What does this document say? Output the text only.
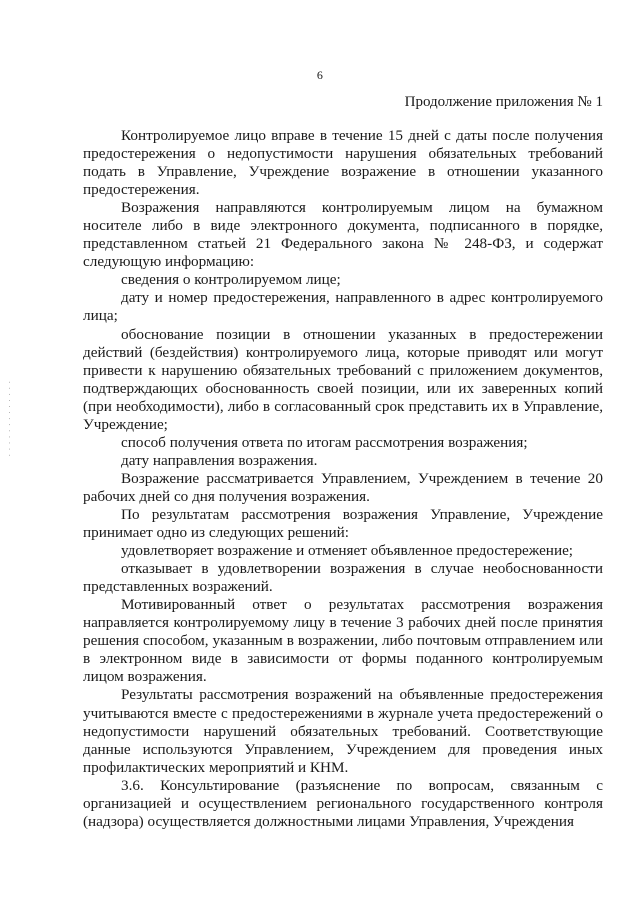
6
Продолжение приложения № 1
· · · · · · · · · · · · ·

Контролируемое лицо вправе в течение 15 дней с даты после получения предостережения о недопустимости нарушения обязательных требований подать в Управление, Учреждение возражение в отношении указанного предостережения.

Возражения направляются контролируемым лицом на бумажном носителе либо в виде электронного документа, подписанного в порядке, представленном статьей 21 Федерального закона № 248-ФЗ, и содержат следующую информацию:

сведения о контролируемом лице;

дату и номер предостережения, направленного в адрес контролируемого лица;

обоснование позиции в отношении указанных в предостережении действий (бездействия) контролируемого лица, которые приводят или могут привести к нарушению обязательных требований с приложением документов, подтверждающих обоснованность своей позиции, или их заверенных копий (при необходимости), либо в согласованный срок представить их в Управление, Учреждение;

способ получения ответа по итогам рассмотрения возражения;

дату направления возражения.

Возражение рассматривается Управлением, Учреждением в течение 20 рабочих дней со дня получения возражения.

По результатам рассмотрения возражения Управление, Учреждение принимает одно из следующих решений:

удовлетворяет возражение и отменяет объявленное предостережение;

отказывает в удовлетворении возражения в случае необоснованности представленных возражений.

Мотивированный ответ о результатах рассмотрения возражения направляется контролируемому лицу в течение 3 рабочих дней после принятия решения способом, указанным в возражении, либо почтовым отправлением или в электронном виде в зависимости от формы поданного контролируемым лицом возражения.

Результаты рассмотрения возражений на объявленные предостережения учитываются вместе с предостережениями в журнале учета предостережений о недопустимости нарушений обязательных требований. Соответствующие данные используются Управлением, Учреждением для проведения иных профилактических мероприятий и КНМ.

3.6. Консультирование (разъяснение по вопросам, связанным с организацией и осуществлением регионального государственного контроля (надзора) осуществляется должностными лицами Управления, Учреждения
